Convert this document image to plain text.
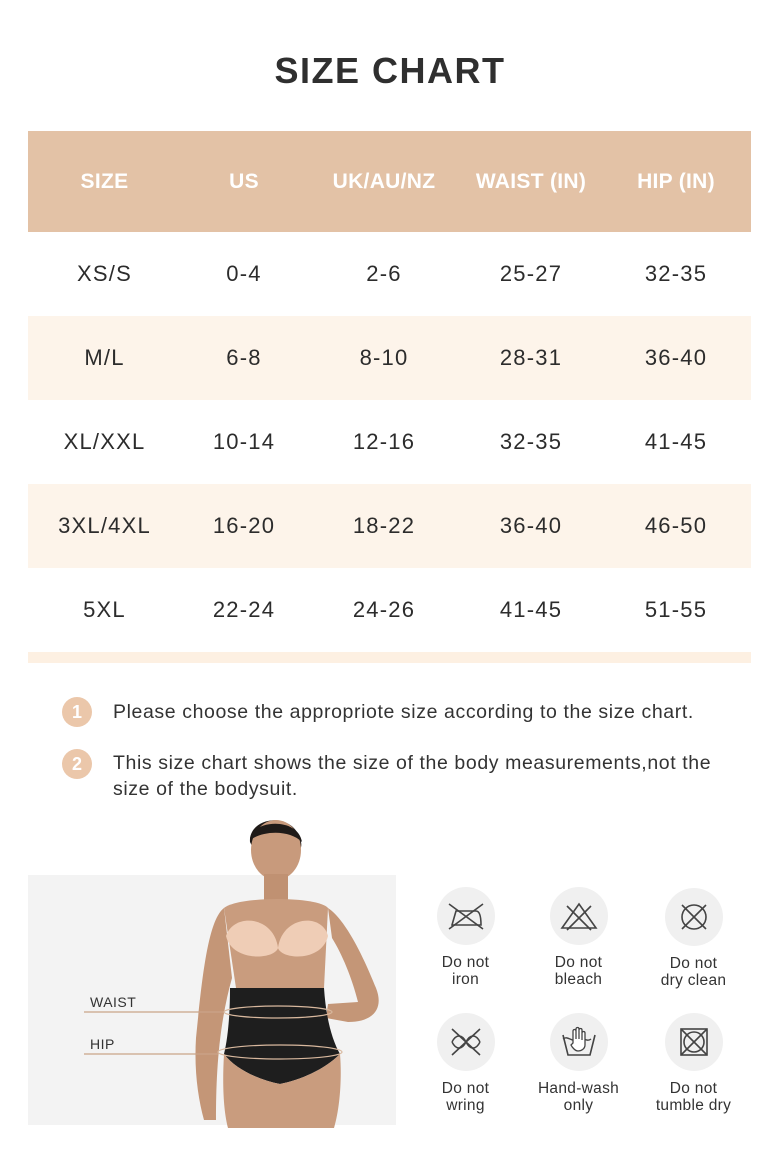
SIZE CHART
SIZE	US	UK/AU/NZ	WAIST (IN)	HIP (IN)
XS/S	0-4	2-6	25-27	32-35
M/L	6-8	8-10	28-31	36-40
XL/XXL	10-14	12-16	32-35	41-45
3XL/4XL	16-20	18-22	36-40	46-50
5XL	22-24	24-26	41-45	51-55
1	Please choose the appropriote size according to the size chart.
2	This size chart shows the size of the body measurements,not the size of the bodysuit.
WAIST
HIP
Do not
iron
Do not
bleach
Do not
dry clean
Do not
wring
Hand-wash
only
Do not
tumble dry
